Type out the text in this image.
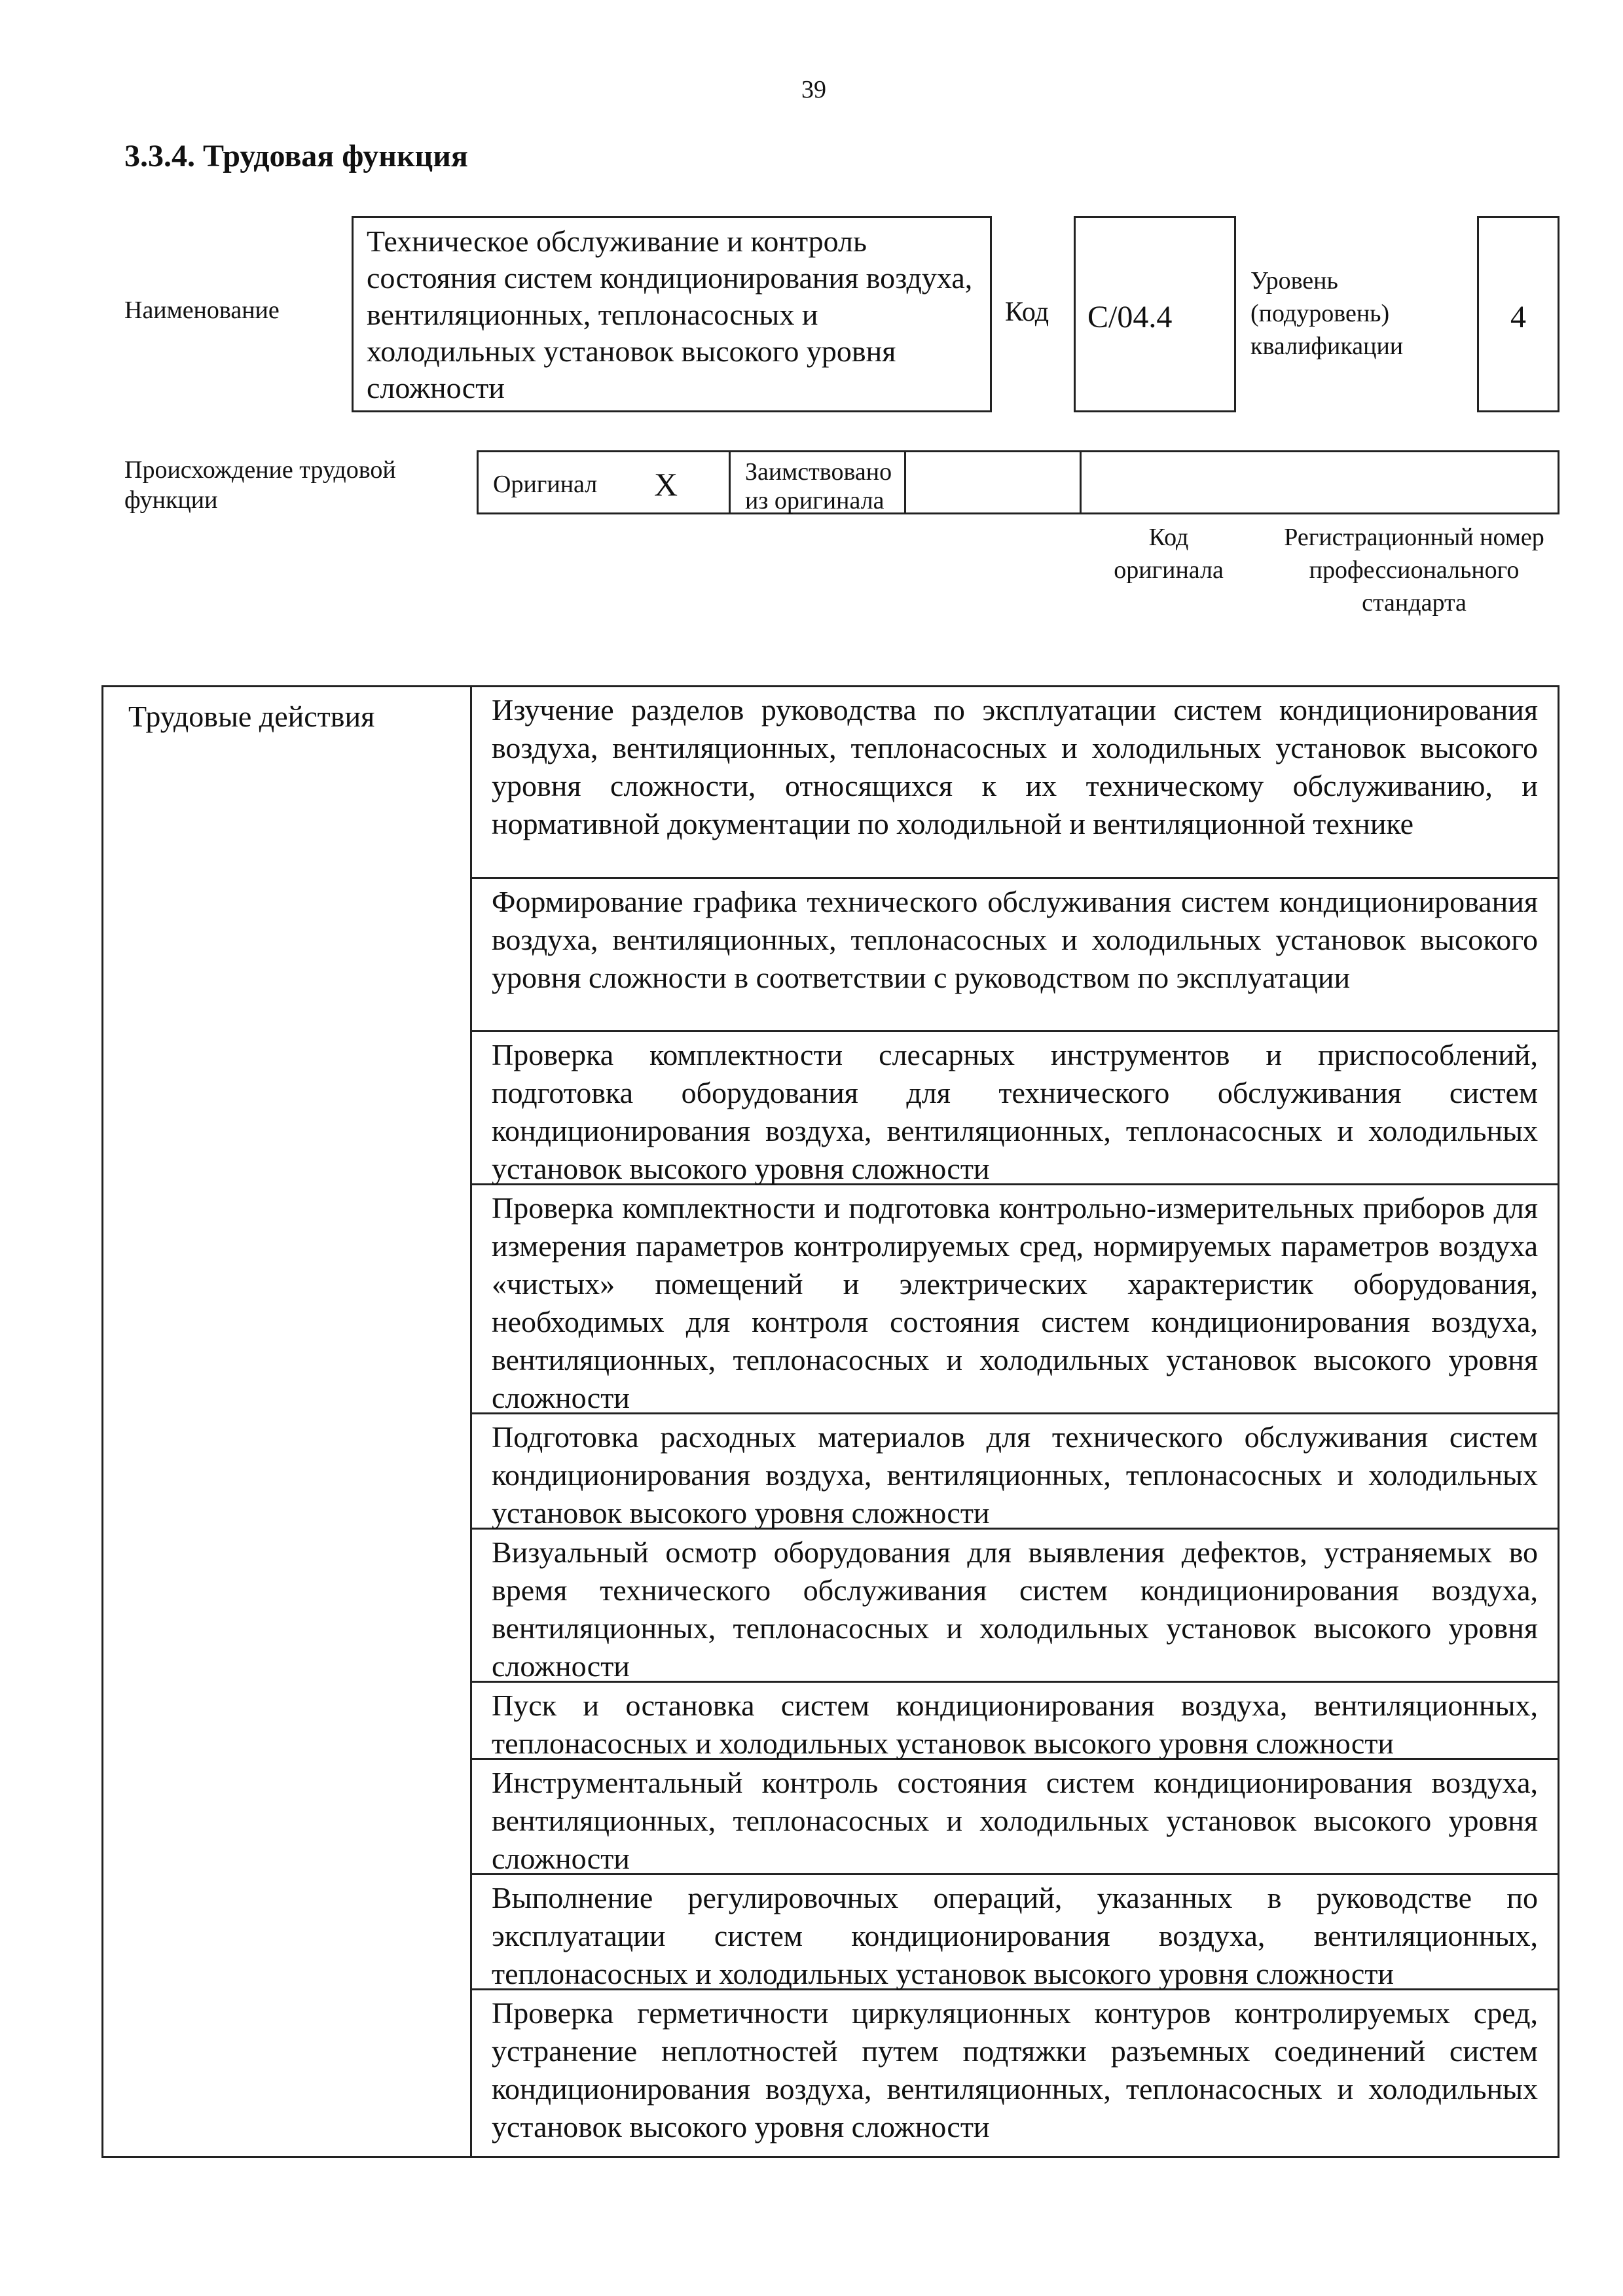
39
3.3.4. Трудовая функция
Наименование
Техническое обслуживание и контроль состояния систем кондиционирования воздуха, вентиляционных, теплонасосных и холодильных установок высокого уровня сложности
Код С/04.4
Уровень (подуровень) квалификации
4
Происхождение трудовой функции
Оригинал X	Заимствовано из оригинала
Код оригинала
Регистрационный номер профессионального стандарта
Трудовые действия	Изучение разделов руководства по эксплуатации систем кондиционирования воздуха, вентиляционных, теплонасосных и холодильных установок высокого уровня сложности, относящихся к их техническому обслуживанию, и нормативной документации по холодильной и вентиляционной технике
Формирование графика технического обслуживания систем кондиционирования воздуха, вентиляционных, теплонасосных и холодильных установок высокого уровня сложности в соответствии с руководством по эксплуатации
Проверка комплектности слесарных инструментов и приспособлений, подготовка оборудования для технического обслуживания систем кондиционирования воздуха, вентиляционных, теплонасосных и холодильных установок высокого уровня сложности
Проверка комплектности и подготовка контрольно-измерительных приборов для измерения параметров контролируемых сред, нормируемых параметров воздуха «чистых» помещений и электрических характеристик оборудования, необходимых для контроля состояния систем кондиционирования воздуха, вентиляционных, теплонасосных и холодильных установок высокого уровня сложности
Подготовка расходных материалов для технического обслуживания систем кондиционирования воздуха, вентиляционных, теплонасосных и холодильных установок высокого уровня сложности
Визуальный осмотр оборудования для выявления дефектов, устраняемых во время технического обслуживания систем кондиционирования воздуха, вентиляционных, теплонасосных и холодильных установок высокого уровня сложности
Пуск и остановка систем кондиционирования воздуха, вентиляционных, теплонасосных и холодильных установок высокого уровня сложности
Инструментальный контроль состояния систем кондиционирования воздуха, вентиляционных, теплонасосных и холодильных установок высокого уровня сложности
Выполнение регулировочных операций, указанных в руководстве по эксплуатации систем кондиционирования воздуха, вентиляционных, теплонасосных и холодильных установок высокого уровня сложности
Проверка герметичности циркуляционных контуров контролируемых сред, устранение неплотностей путем подтяжки разъемных соединений систем кондиционирования воздуха, вентиляционных, теплонасосных и холодильных установок высокого уровня сложности
